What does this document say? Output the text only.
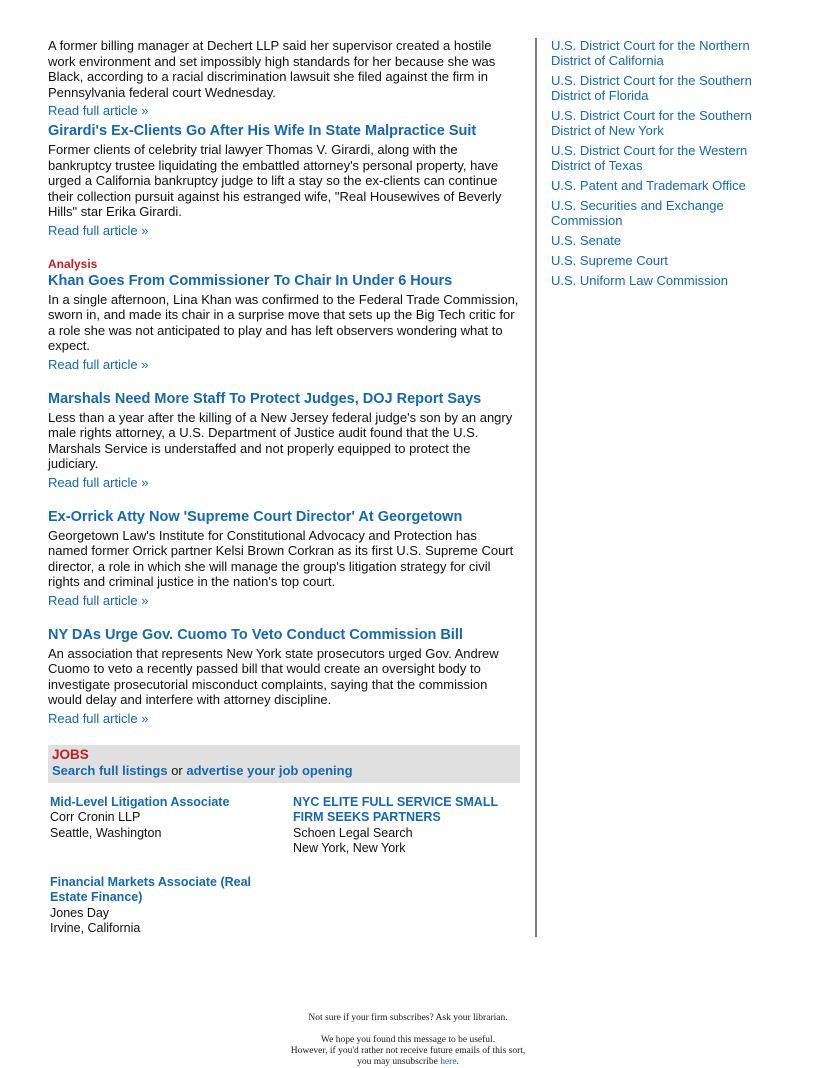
A former billing manager at Dechert LLP said her supervisor created a hostile work environment and set impossibly high standards for her because she was Black, according to a racial discrimination lawsuit she filed against the firm in Pennsylvania federal court Wednesday.

Read full article »
Girardi's Ex-Clients Go After His Wife In State Malpractice Suit

Former clients of celebrity trial lawyer Thomas V. Girardi, along with the bankruptcy trustee liquidating the embattled attorney's personal property, have urged a California bankruptcy judge to lift a stay so the ex-clients can continue their collection pursuit against his estranged wife, "Real Housewives of Beverly Hills" star Erika Girardi.

Read full article »
Analysis
Khan Goes From Commissioner To Chair In Under 6 Hours

In a single afternoon, Lina Khan was confirmed to the Federal Trade Commission, sworn in, and made its chair in a surprise move that sets up the Big Tech critic for a role she was not anticipated to play and has left observers wondering what to expect.

Read full article »
Marshals Need More Staff To Protect Judges, DOJ Report Says

Less than a year after the killing of a New Jersey federal judge's son by an angry male rights attorney, a U.S. Department of Justice audit found that the U.S. Marshals Service is understaffed and not properly equipped to protect the judiciary.

Read full article »
Ex-Orrick Atty Now 'Supreme Court Director' At Georgetown

Georgetown Law's Institute for Constitutional Advocacy and Protection has named former Orrick partner Kelsi Brown Corkran as its first U.S. Supreme Court director, a role in which she will manage the group's litigation strategy for civil rights and criminal justice in the nation's top court.

Read full article »
NY DAs Urge Gov. Cuomo To Veto Conduct Commission Bill

An association that represents New York state prosecutors urged Gov. Andrew Cuomo to veto a recently passed bill that would create an oversight body to investigate prosecutorial misconduct complaints, saying that the commission would delay and interfere with attorney discipline.

Read full article »
JOBS
Search full listings or advertise your job opening
Mid-Level Litigation Associate
Corr Cronin LLP
Seattle, Washington
NYC ELITE FULL SERVICE SMALL FIRM SEEKS PARTNERS
Schoen Legal Search
New York, New York
Financial Markets Associate (Real Estate Finance)
Jones Day
Irvine, California
U.S. District Court for the Northern District of California
U.S. District Court for the Southern District of Florida
U.S. District Court for the Southern District of New York
U.S. District Court for the Western District of Texas
U.S. Patent and Trademark Office
U.S. Securities and Exchange Commission
U.S. Senate
U.S. Supreme Court
U.S. Uniform Law Commission
Not sure if your firm subscribes? Ask your librarian.
We hope you found this message to be useful.
However, if you'd rather not receive future emails of this sort,
you may unsubscribe here.
